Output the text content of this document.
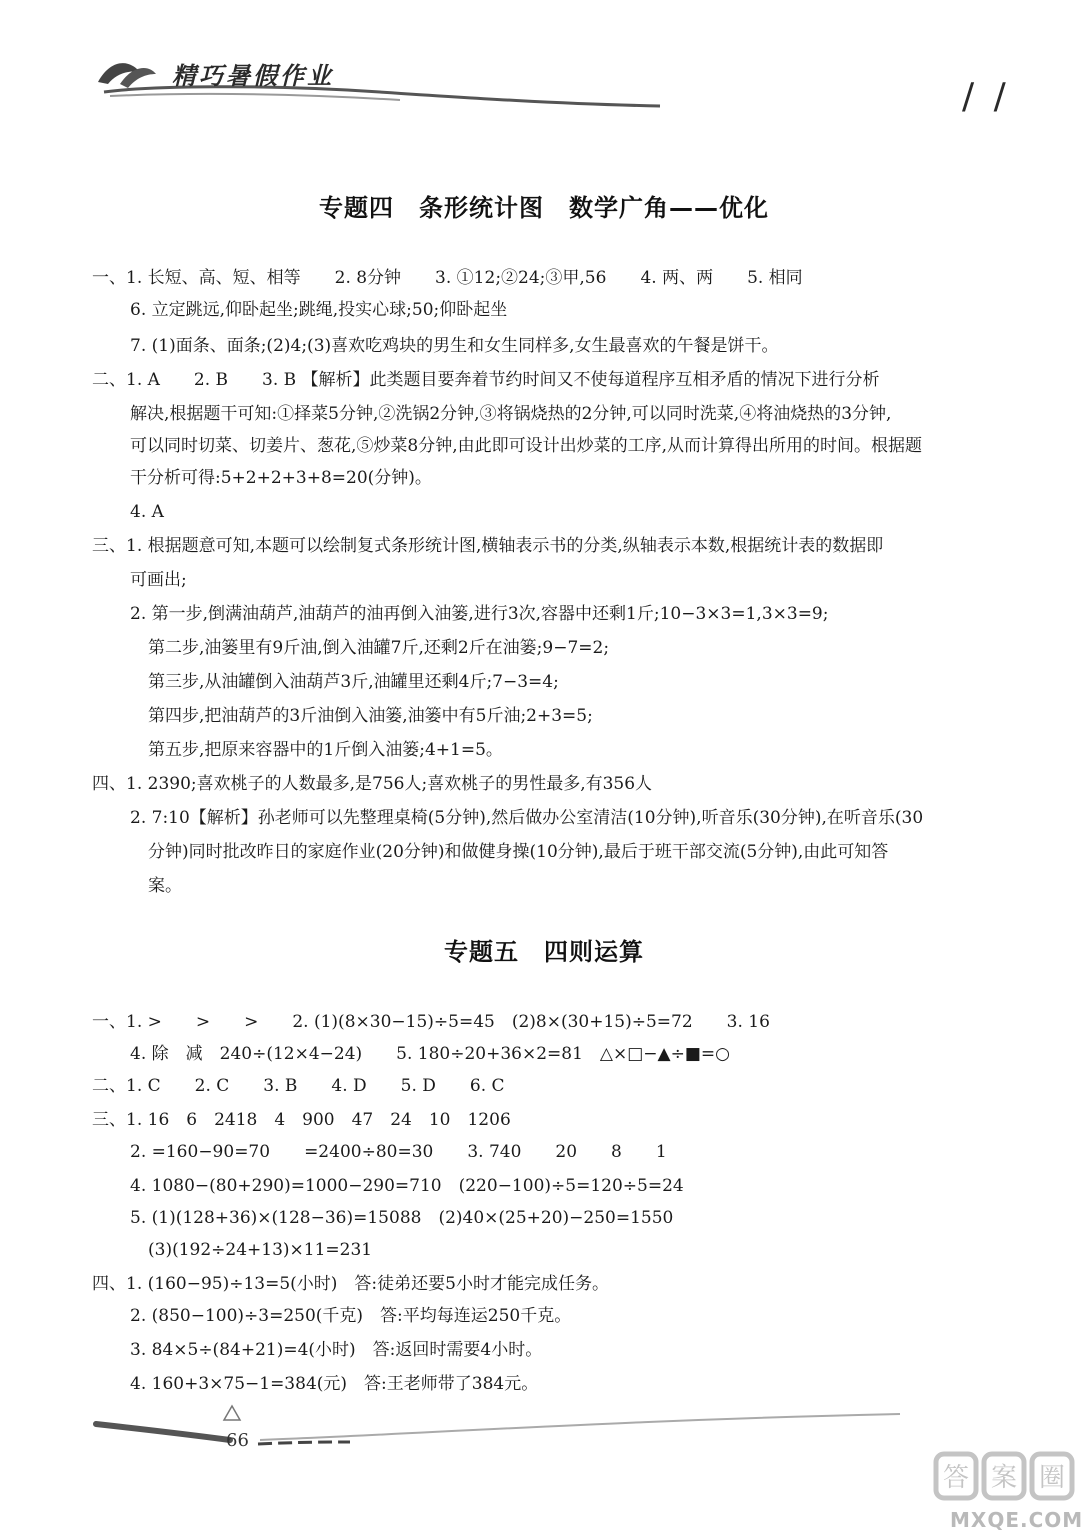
精巧暑假作业	/ /
专题四　条形统计图　数学广角——优化
一、1. 长短、高、短、相等　　2. 8分钟　　3. ①12;②24;③甲,56　　4. 两、两　　5. 相同
6. 立定跳远,仰卧起坐;跳绳,投实心球;50;仰卧起坐
7. (1)面条、面条;(2)4;(3)喜欢吃鸡块的男生和女生同样多,女生最喜欢的午餐是饼干。
二、1. A　　2. B　　3. B 【解析】此类题目要奔着节约时间又不使每道程序互相矛盾的情况下进行分析
解决,根据题干可知:①择菜5分钟,②洗锅2分钟,③将锅烧热的2分钟,可以同时洗菜,④将油烧热的3分钟,
可以同时切菜、切姜片、葱花,⑤炒菜8分钟,由此即可设计出炒菜的工序,从而计算得出所用的时间。根据题
干分析可得:5+2+2+3+8=20(分钟)。
4. A
三、1. 根据题意可知,本题可以绘制复式条形统计图,横轴表示书的分类,纵轴表示本数,根据统计表的数据即
可画出;
2. 第一步,倒满油葫芦,油葫芦的油再倒入油篓,进行3次,容器中还剩1斤;10−3×3=1,3×3=9;
第二步,油篓里有9斤油,倒入油罐7斤,还剩2斤在油篓;9−7=2;
第三步,从油罐倒入油葫芦3斤,油罐里还剩4斤;7−3=4;
第四步,把油葫芦的3斤油倒入油篓,油篓中有5斤油;2+3=5;
第五步,把原来容器中的1斤倒入油篓;4+1=5。
四、1. 2390;喜欢桃子的人数最多,是756人;喜欢桃子的男性最多,有356人
2. 7:10【解析】孙老师可以先整理桌椅(5分钟),然后做办公室清洁(10分钟),听音乐(30分钟),在听音乐(30
分钟)同时批改昨日的家庭作业(20分钟)和做健身操(10分钟),最后于班干部交流(5分钟),由此可知答
案。
专题五　四则运算
一、1. >　　>　　>　　2. (1)(8×30−15)÷5=45　(2)8×(30+15)÷5=72　　3. 16
4. 除　减　240÷(12×4−24)　　5. 180÷20+36×2=81　△×□−▲÷■=○
二、1. C　　2. C　　3. B　　4. D　　5. D　　6. C
三、1. 16　6　2418　4　900　47　24　10　1206
2. =160−90=70　　=2400÷80=30　　3. 740　　20　　8　　1
4. 1080−(80+290)=1000−290=710　(220−100)÷5=120÷5=24
5. (1)(128+36)×(128−36)=15088　(2)40×(25+20)−250=1550
(3)(192÷24+13)×11=231
四、1. (160−95)÷13=5(小时)　答:徒弟还要5小时才能完成任务。
2. (850−100)÷3=250(千克)　答:平均每连运250千克。
3. 84×5÷(84+21)=4(小时)　答:返回时需要4小时。
4. 160+3×75−1=384(元)　答:王老师带了384元。
66
答 案 圈
MXQE.COM
